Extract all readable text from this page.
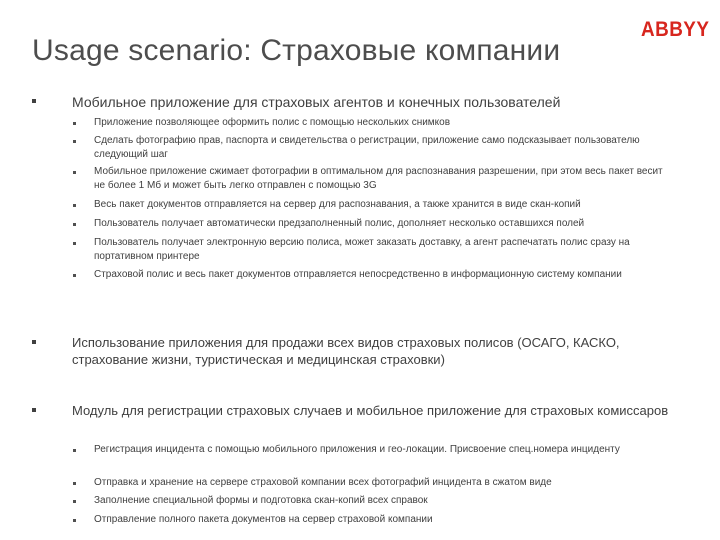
Usage scenario: Страховые компании
ABBYY
Мобильное приложение для страховых агентов и конечных пользователей
Приложение позволяющее оформить полис с помощью нескольких снимков
Сделать фотографию прав, паспорта и свидетельства о регистрации, приложение само подсказывает пользователю следующий шаг
Мобильное приложение сжимает фотографии в оптимальном для распознавания разрешении, при этом весь пакет весит не более 1 Мб и может быть легко отправлен с помощью 3G
Весь пакет документов отправляется на сервер для распознавания, а также хранится в виде скан-копий
Пользователь получает автоматически предзаполненный полис, дополняет несколько оставшихся полей
Пользователь получает электронную версию полиса, может заказать доставку, а агент распечатать полис сразу на портативном принтере
Страховой полис и весь пакет документов отправляется непосредственно в информационную систему компании
Использование приложения для продажи всех видов страховых полисов (ОСАГО, КАСКО, страхование жизни, туристическая и медицинская страховки)
Модуль для регистрации страховых случаев и мобильное приложение для страховых комиссаров
Регистрация инцидента с помощью мобильного приложения и гео-локации. Присвоение спец.номера инциденту
Отправка и хранение на сервере страховой компании всех фотографий инцидента в сжатом виде
Заполнение специальной формы и подготовка скан-копий всех справок
Отправление полного пакета документов на сервер страховой компании
